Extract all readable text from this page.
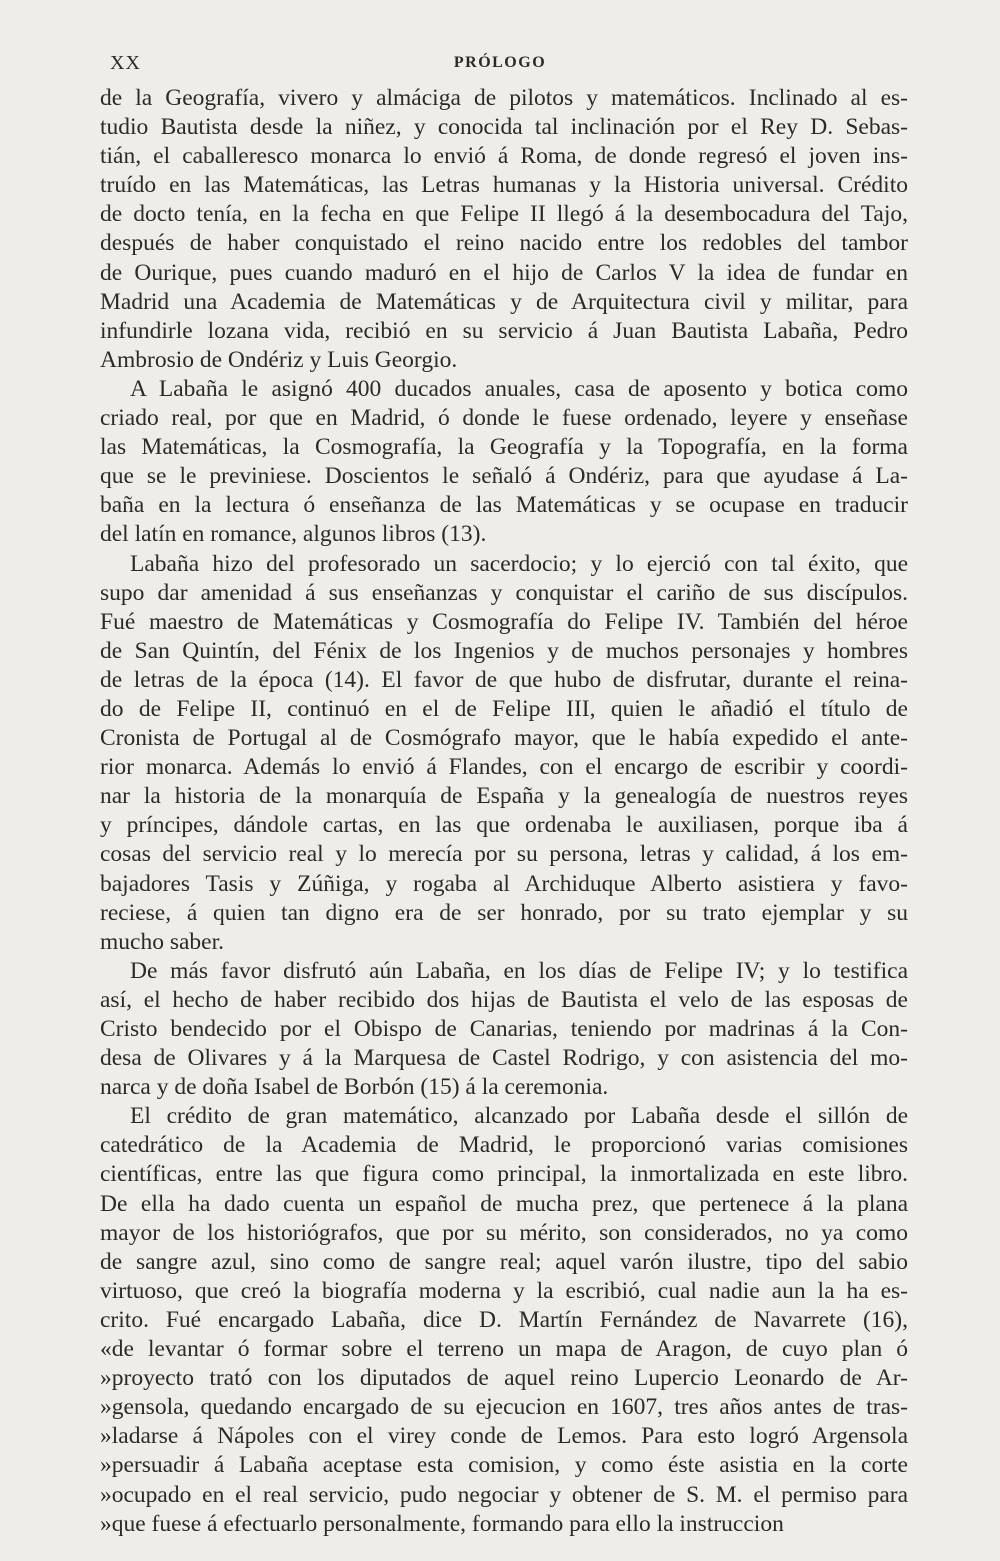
XX	PRÓLOGO
de la Geografía, vivero y almáciga de pilotos y matemáticos. Inclinado al es-
tudio Bautista desde la niñez, y conocida tal inclinación por el Rey D. Sebas-
tián, el caballeresco monarca lo envió á Roma, de donde regresó el joven ins-
truído en las Matemáticas, las Letras humanas y la Historia universal. Crédito
de docto tenía, en la fecha en que Felipe II llegó á la desembocadura del Tajo,
después de haber conquistado el reino nacido entre los redobles del tambor
de Ourique, pues cuando maduró en el hijo de Carlos V la idea de fundar en
Madrid una Academia de Matemáticas y de Arquitectura civil y militar, para
infundirle lozana vida, recibió en su servicio á Juan Bautista Labaña, Pedro
Ambrosio de Ondériz y Luis Georgio.
A Labaña le asignó 400 ducados anuales, casa de aposento y botica como
criado real, por que en Madrid, ó donde le fuese ordenado, leyere y enseñase
las Matemáticas, la Cosmografía, la Geografía y la Topografía, en la forma
que se le previniese. Doscientos le señaló á Ondériz, para que ayudase á La-
baña en la lectura ó enseñanza de las Matemáticas y se ocupase en traducir
del latín en romance, algunos libros (13).
Labaña hizo del profesorado un sacerdocio; y lo ejerció con tal éxito, que
supo dar amenidad á sus enseñanzas y conquistar el cariño de sus discípulos.
Fué maestro de Matemáticas y Cosmografía do Felipe IV. También del héroe
de San Quintín, del Fénix de los Ingenios y de muchos personajes y hombres
de letras de la época (14). El favor de que hubo de disfrutar, durante el reina-
do de Felipe II, continuó en el de Felipe III, quien le añadió el título de
Cronista de Portugal al de Cosmógrafo mayor, que le había expedido el ante-
rior monarca. Además lo envió á Flandes, con el encargo de escribir y coordi-
nar la historia de la monarquía de España y la genealogía de nuestros reyes
y príncipes, dándole cartas, en las que ordenaba le auxiliasen, porque iba á
cosas del servicio real y lo merecía por su persona, letras y calidad, á los em-
bajadores Tasis y Zúñiga, y rogaba al Archiduque Alberto asistiera y favo-
reciese, á quien tan digno era de ser honrado, por su trato ejemplar y su
mucho saber.
De más favor disfrutó aún Labaña, en los días de Felipe IV; y lo testifica
así, el hecho de haber recibido dos hijas de Bautista el velo de las esposas de
Cristo bendecido por el Obispo de Canarias, teniendo por madrinas á la Con-
desa de Olivares y á la Marquesa de Castel Rodrigo, y con asistencia del mo-
narca y de doña Isabel de Borbón (15) á la ceremonia.
El crédito de gran matemático, alcanzado por Labaña desde el sillón de
catedrático de la Academia de Madrid, le proporcionó varias comisiones
científicas, entre las que figura como principal, la inmortalizada en este libro.
De ella ha dado cuenta un español de mucha prez, que pertenece á la plana
mayor de los historiógrafos, que por su mérito, son considerados, no ya como
de sangre azul, sino como de sangre real; aquel varón ilustre, tipo del sabio
virtuoso, que creó la biografía moderna y la escribió, cual nadie aun la ha es-
crito. Fué encargado Labaña, dice D. Martín Fernández de Navarrete (16),
«de levantar ó formar sobre el terreno un mapa de Aragon, de cuyo plan ó
»proyecto trató con los diputados de aquel reino Lupercio Leonardo de Ar-
»gensola, quedando encargado de su ejecucion en 1607, tres años antes de tras-
»ladarse á Nápoles con el virey conde de Lemos. Para esto logró Argensola
»persuadir á Labaña aceptase esta comision, y como éste asistia en la corte
»ocupado en el real servicio, pudo negociar y obtener de S. M. el permiso para
»que fuese á efectuarlo personalmente, formando para ello la instruccion
